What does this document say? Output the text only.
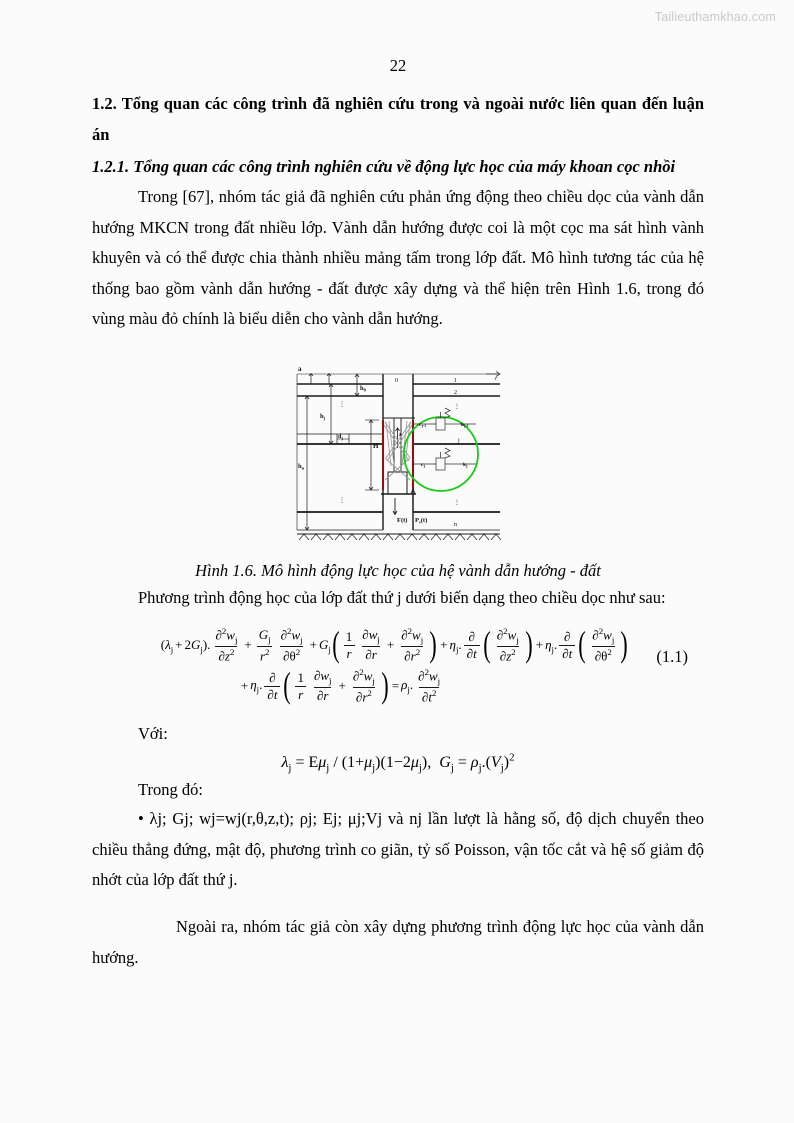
Tailieuthamkhao.com
22
1.2. Tổng quan các công trình đã nghiên cứu trong và ngoài nước liên quan đến luận án
1.2.1. Tổng quan các công trình nghiên cứu về động lực học của máy khoan cọc nhồi

Trong [67], nhóm tác giả đã nghiên cứu phản ứng động theo chiều dọc của vành dẫn hướng MKCN trong đất nhiều lớp. Vành dẫn hướng được coi là một cọc ma sát hình vành khuyên và có thể được chia thành nhiều mảng tấm trong lớp đất. Mô hình tương tác của hệ thống bao gồm vành dẫn hướng - đất được xây dựng và thể hiện trên Hình 1.6, trong đó vùng màu đỏ chính là biểu diễn cho vành dẫn hướng.

a
r
$h_0$
$h_j$
$d_j$
$h_n$
H
z
F(t) $P_s(t)$
0	1
2
⋮
j
⋮
n
⋮
⋮
$c_{j-1}$	$k_{j-1}$
$c_j$	$k_j$
Hình 1.6. Mô hình động lực học của hệ vành dẫn hướng - đất

Phương trình động học của lớp đất thứ j dưới biến dạng theo chiều dọc như sau:

$(\lambda_j + 2G_j)$. $\frac{\partial^2w_j}{\partial z^2} + \frac{G_j}{r^2} \frac{\partial^2w_j}{\partial\theta^2} + G_j$ ( $\frac{1}{r} \frac{\partial w_j}{\partial r} + \frac{\partial^2w_j}{\partial r^2}$ ) + $\eta_j$. $\frac{\partial}{\partial t}$ ( $\frac{\partial^2w_j}{\partial z^2}$ ) + $\eta_j$. $\frac{\partial}{\partial t}$ ( $\frac{\partial^2w_j}{\partial\theta^2}$ )
+ $\eta_j$. $\frac{\partial}{\partial t}$ ( $\frac{1}{r} \frac{\partial w_j}{\partial r} + \frac{\partial^2w_j}{\partial r^2}$ ) = $\rho_j$. $\frac{\partial^2w_j}{\partial t^2}$
(1.1)

Với:

$\lambda_j = E\mu_j / (1+\mu_j)(1-2\mu_j)$,  $G_j = \rho_j.(V_j)^2$

Trong đó:

• λj; Gj; wj=wj(r,θ,z,t); ρj; Ej; μj;Vj và nj lần lượt là hằng số, độ dịch chuyển theo chiều thẳng đứng, mật độ, phương trình co giãn, tỷ số Poisson, vận tốc cắt và hệ số giảm độ nhớt của lớp đất thứ j.

Ngoài ra, nhóm tác giả còn xây dựng phương trình động lực học của vành dẫn hướng.
